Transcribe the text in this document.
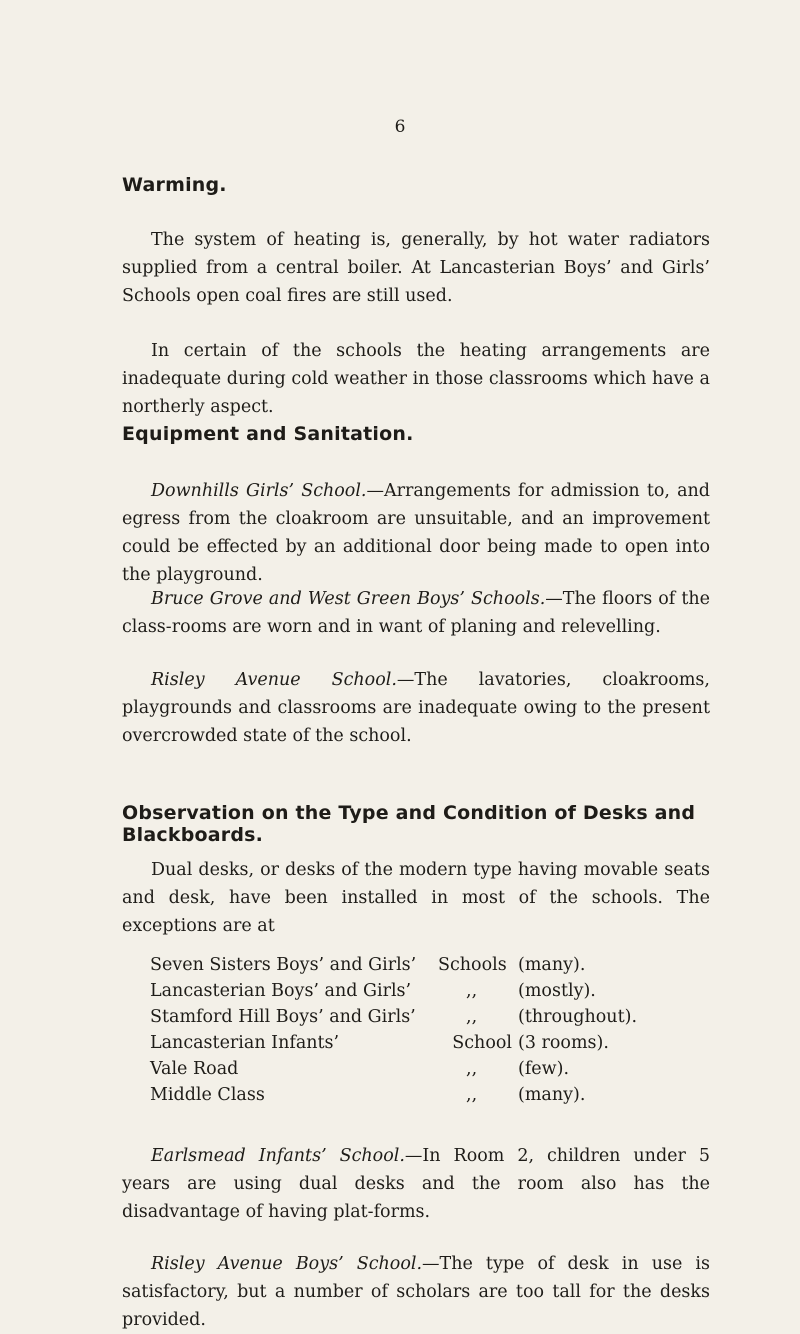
6
Warming.
The system of heating is, generally, by hot water radiators supplied from a central boiler. At Lancasterian Boys’ and Girls’ Schools open coal fires are still used.
In certain of the schools the heating arrangements are inadequate during cold weather in those classrooms which have a northerly aspect.
Equipment and Sanitation.
Downhills Girls’ School.—Arrangements for admission to, and egress from the cloakroom are unsuitable, and an improvement could be effected by an additional door being made to open into the playground.
Bruce Grove and West Green Boys’ Schools.—The floors of the class-rooms are worn and in want of planing and relevelling.
Risley Avenue School.—The lavatories, cloakrooms, playgrounds and classrooms are inadequate owing to the present overcrowded state of the school.
Observation on the Type and Condition of Desks and Blackboards.
Dual desks, or desks of the modern type having movable seats and desk, have been installed in most of the schools. The exceptions are at
Seven Sisters Boys’ and Girls’	Schools (many).
Lancasterian Boys’ and Girls’	,,	(mostly).
Stamford Hill Boys’ and Girls’	,,	(throughout).
Lancasterian Infants’	School (3 rooms).
Vale Road	,,	(few).
Middle Class	,,	(many).
Earlsmead Infants’ School.—In Room 2, children under 5 years are using dual desks and the room also has the disadvantage of having plat-forms.
Risley Avenue Boys’ School.—The type of desk in use is satisfactory, but a number of scholars are too tall for the desks provided.
